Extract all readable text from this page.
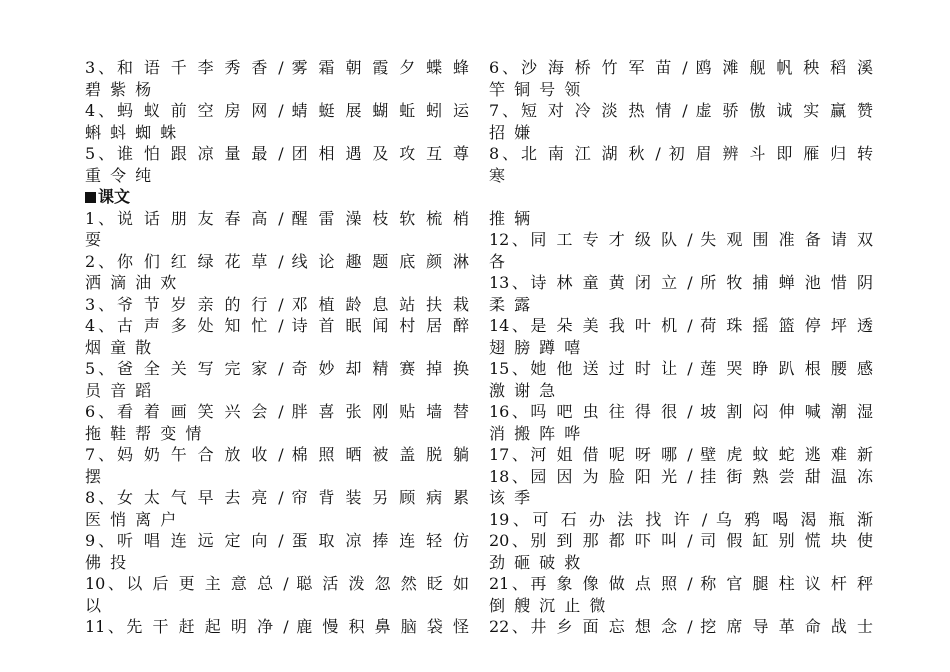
3、和 语 千 李 秀 香 / 雾 霜 朝 霞 夕 蝶 蜂
碧 紫 杨
4、蚂 蚁 前 空 房 网 / 蜻 蜓 展 蝴 蚯 蚓 运
蝌 蚪 蜘 蛛
5、谁 怕 跟 凉 量 最 / 团 相 遇 及 攻 互 尊
重 令 纯
课文
1、说 话 朋 友 春 高 / 醒 雷 澡 枝 软 梳 梢
耍
2、你 们 红 绿 花 草 / 线 论 趣 题 底 颜 淋
洒 滴 油 欢
3、爷 节 岁 亲 的 行 / 邓 植 龄 息 站 扶 栽
4、古 声 多 处 知 忙 / 诗 首 眠 闻 村 居 醉
烟 童 散
5、爸 全 关 写 完 家 / 奇 妙 却 精 赛 掉 换
员 音 蹈
6、看 着 画 笑 兴 会 / 胖 喜 张 刚 贴 墙 替
拖 鞋 帮 变 情
7、妈 奶 午 合 放 收 / 棉 照 晒 被 盖 脱 躺
摆
8、女 太 气 早 去 亮 / 帘 背 装 另 顾 病 累
医 悄 离 户
9、听 唱 连 远 定 向 / 蛋 取 凉 捧 连 轻 仿
佛 投
10、以 后 更 主 意 总 / 聪 活 泼 忽 然 眨 如
以
11、先 干 赶 起 明 净 / 鹿 慢 积 鼻 脑 袋 怪
6、沙 海 桥 竹 军 苗 / 鸥 滩 舰 帆 秧 稻 溪
竿 铜 号 领
7、短 对 冷 淡 热 情 / 虚 骄 傲 诚 实 赢 赞
招 嫌
8、北 南 江 湖 秋 / 初 眉 辨 斗 即 雁 归 转
寒
推 辆
12、同 工 专 才 级 队 / 失 观 围 准 备 请 双
各
13、诗 林 童 黄 闭 立 / 所 牧 捕 蝉 池 惜 阴
柔 露
14、是 朵 美 我 叶 机 / 荷 珠 摇 篮 停 坪 透
翅 膀 蹲 嘻
15、她 他 送 过 时 让 / 莲 哭 睁 趴 根 腰 感
激 谢 急
16、吗 吧 虫 往 得 很 / 坡 割 闷 伸 喊 潮 湿
消 搬 阵 哗
17、河 姐 借 呢 呀 哪 / 壁 虎 蚊 蛇 逃 难 新
18、园 因 为 脸 阳 光 / 挂 街 熟 尝 甜 温 冻
该 季
19、可 石 办 法 找 许 / 乌 鸦 喝 渴 瓶 渐
20、别 到 那 都 吓 叫 / 司 假 缸 别 慌 块 使
劲 砸 破 救
21、再 象 像 做 点 照 / 称 官 腿 柱 议 杆 秤
倒 艘 沉 止 微
22、井 乡 面 忘 想 念 / 挖 席 导 革 命 战 士
